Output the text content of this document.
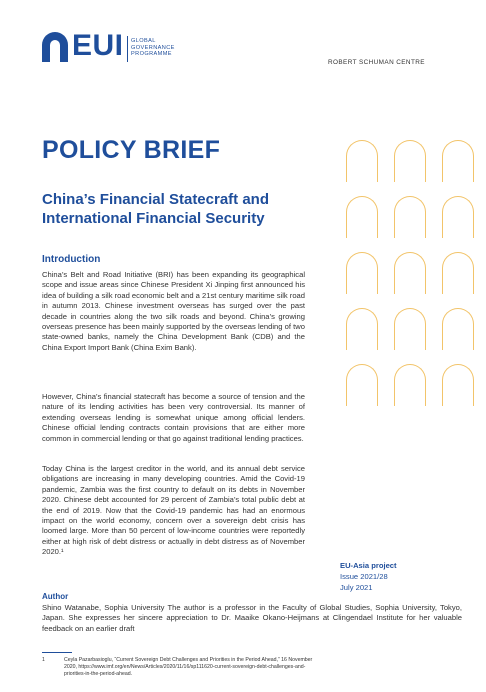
EUI GLOBAL
GOVERNANCE
PROGRAMME
ROBERT SCHUMAN CENTRE
POLICY BRIEF
China’s Financial Statecraft and International Financial Security
Introduction
China’s Belt and Road Initiative (BRI) has been expanding its geographical scope and issue areas since Chinese President Xi Jinping first announced his idea of building a silk road economic belt and a 21st century maritime silk road in autumn 2013. Chinese investment overseas has surged over the past decade in countries along the two silk roads and beyond. China’s growing overseas presence has been mainly supported by the overseas lending of two state-owned banks, namely the China Development Bank (CDB) and the China Export Import Bank (China Exim Bank).
However, China’s financial statecraft has become a source of tension and the nature of its lending activities has been very controversial. Its manner of extending overseas lending is somewhat unique among official lenders. Chinese official lending contracts contain provisions that are either more common in commercial lending or that go against traditional lending practices.
Today China is the largest creditor in the world, and its annual debt service obligations are increasing in many developing countries. Amid the Covid-19 pandemic, Zambia was the first country to default on its debts in November 2020. Chinese debt accounted for 29 percent of Zambia’s total public debt at the end of 2019. Now that the Covid-19 pandemic has had an enormous impact on the world economy, concern over a sovereign debt crisis has loomed large. More than 50 percent of low-income countries were reportedly either at high risk of debt distress or actually in debt distress as of November 2020.¹
EU-Asia project
Issue 2021/28
July 2021
Author
Shino Watanabe, Sophia University The author is a professor in the Faculty of Global Studies, Sophia University, Tokyo, Japan. She expresses her sincere appreciation to Dr. Maaike Okano-Heijmans at Clingendael Institute for her valuable feedback on an earlier draft
1	Ceyla Pazarbasioglu, “Current Sovereign Debt Challenges and Priorities in the Period Ahead,” 16 November 2020, https://www.imf.org/en/News/Articles/2020/11/16/sp111620-current-sovereign-debt-challenges-and-priorities-in-the-period-ahead.
